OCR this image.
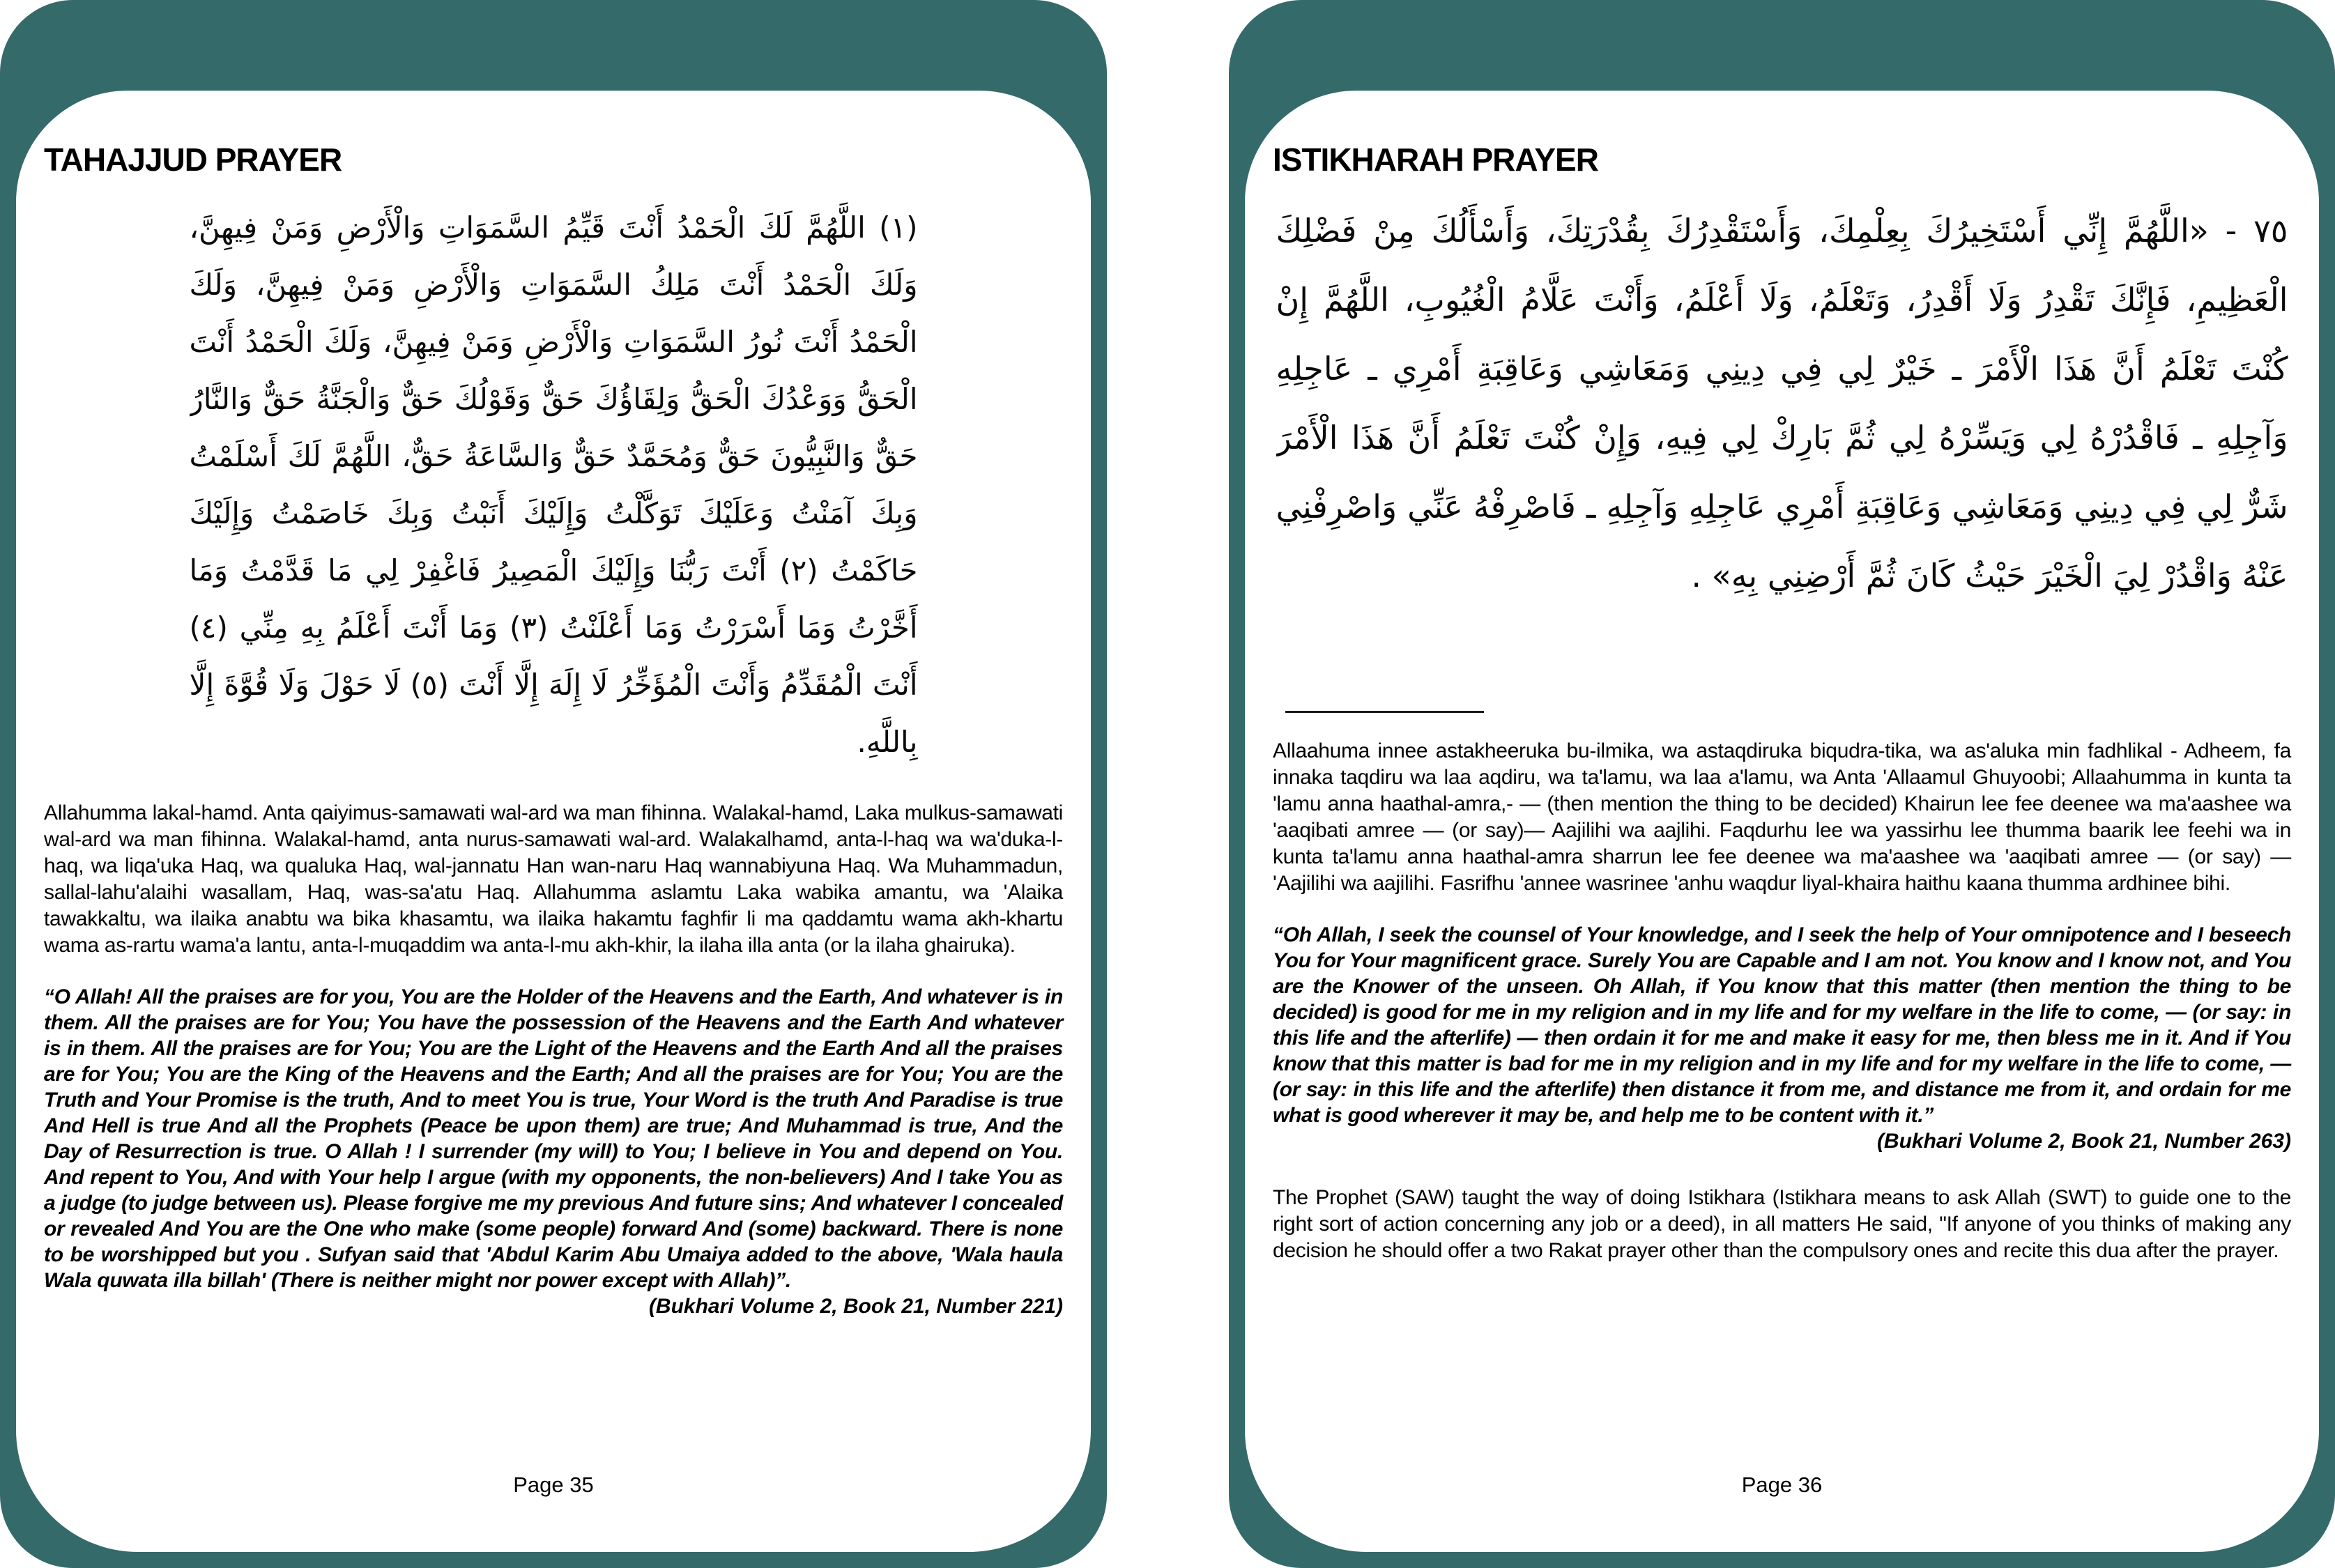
TAHAJJUD PRAYER
(١) اللَّهُمَّ لَكَ الْحَمْدُ أَنْتَ قَيِّمُ السَّمَوَاتِ وَالْأَرْضِ وَمَنْ فِيهِنَّ، وَلَكَ الْحَمْدُ أَنْتَ مَلِكُ السَّمَوَاتِ وَالْأَرْضِ وَمَنْ فِيهِنَّ، وَلَكَ الْحَمْدُ أَنْتَ نُورُ السَّمَوَاتِ وَالْأَرْضِ وَمَنْ فِيهِنَّ، وَلَكَ الْحَمْدُ أَنْتَ الْحَقُّ وَوَعْدُكَ الْحَقُّ وَلِقَاؤُكَ حَقٌّ وَقَوْلُكَ حَقٌّ وَالْجَنَّةُ حَقٌّ وَالنَّارُ حَقٌّ وَالنَّبِيُّونَ حَقٌّ وَمُحَمَّدٌ حَقٌّ وَالسَّاعَةُ حَقٌّ، اللَّهُمَّ لَكَ أَسْلَمْتُ وَبِكَ آمَنْتُ وَعَلَيْكَ تَوَكَّلْتُ وَإِلَيْكَ أَنَبْتُ وَبِكَ خَاصَمْتُ وَإِلَيْكَ حَاكَمْتُ (٢) أَنْتَ رَبُّنَا وَإِلَيْكَ الْمَصِيرُ فَاغْفِرْ لِي مَا قَدَّمْتُ وَمَا أَخَّرْتُ وَمَا أَسْرَرْتُ وَمَا أَعْلَنْتُ (٣) وَمَا أَنْتَ أَعْلَمُ بِهِ مِنِّي (٤) أَنْتَ الْمُقَدِّمُ وَأَنْتَ الْمُؤَخِّرُ لَا إِلَهَ إِلَّا أَنْتَ (٥) لَا حَوْلَ وَلَا قُوَّةَ إِلَّا بِاللَّهِ.

Allahumma lakal-hamd. Anta qaiyimus-samawati wal-ard wa man fihinna. Walakal-hamd, Laka mulkus-samawati wal-ard wa man fihinna. Walakal-hamd, anta nurus-samawati wal-ard. Walakalhamd, anta-l-haq wa wa'duka-l-haq, wa liqa'uka Haq, wa qualuka Haq, wal-jannatu Han wan-naru Haq wannabiyuna Haq. Wa Muhammadun, sallal-lahu'alaihi wasallam, Haq, was-sa'atu Haq. Allahumma aslamtu Laka wabika amantu, wa 'Alaika tawakkaltu, wa ilaika anabtu wa bika khasamtu, wa ilaika hakamtu faghfir li ma qaddamtu wama akh-khartu wama as-rartu wama'a lantu, anta-l-muqaddim wa anta-l-mu akh-khir, la ilaha illa anta (or la ilaha ghairuka).

“O Allah! All the praises are for you, You are the Holder of the Heavens and the Earth, And whatever is in them. All the praises are for You; You have the possession of the Heavens and the Earth And whatever is in them. All the praises are for You; You are the Light of the Heavens and the Earth And all the praises are for You; You are the King of the Heavens and the Earth; And all the praises are for You; You are the Truth and Your Promise is the truth, And to meet You is true, Your Word is the truth And Paradise is true And Hell is true And all the Prophets (Peace be upon them) are true; And Muhammad is true, And the Day of Resurrection is true. O Allah ! I surrender (my will) to You; I believe in You and depend on You. And repent to You, And with Your help I argue (with my opponents, the non-believers) And I take You as a judge (to judge between us). Please forgive me my previous And future sins; And whatever I concealed or revealed And You are the One who make (some people) forward And (some) backward. There is none to be worshipped but you . Sufyan said that 'Abdul Karim Abu Umaiya added to the above, 'Wala haula Wala quwata illa billah' (There is neither might nor power except with Allah)”.

(Bukhari Volume 2, Book 21, Number 221)
Page 35
ISTIKHARAH PRAYER
٧٥ - «اللَّهُمَّ إِنِّي أَسْتَخِيرُكَ بِعِلْمِكَ، وَأَسْتَقْدِرُكَ بِقُدْرَتِكَ، وَأَسْأَلُكَ مِنْ فَضْلِكَ الْعَظِيمِ، فَإِنَّكَ تَقْدِرُ وَلَا أَقْدِرُ، وَتَعْلَمُ، وَلَا أَعْلَمُ، وَأَنْتَ عَلَّامُ الْغُيُوبِ، اللَّهُمَّ إِنْ كُنْتَ تَعْلَمُ أَنَّ هَذَا الْأَمْرَ ـ خَيْرٌ لِي فِي دِينِي وَمَعَاشِي وَعَاقِبَةِ أَمْرِي ـ عَاجِلِهِ وَآجِلِهِ ـ فَاقْدُرْهُ لِي وَيَسِّرْهُ لِي ثُمَّ بَارِكْ لِي فِيهِ، وَإِنْ كُنْتَ تَعْلَمُ أَنَّ هَذَا الْأَمْرَ شَرٌّ لِي فِي دِينِي وَمَعَاشِي وَعَاقِبَةِ أَمْرِي عَاجِلِهِ وَآجِلِهِ ـ فَاصْرِفْهُ عَنِّي وَاصْرِفْنِي عَنْهُ وَاقْدُرْ لِيَ الْخَيْرَ حَيْثُ كَانَ ثُمَّ أَرْضِنِي بِهِ» .

Allaahuma innee astakheeruka bu-ilmika, wa astaqdiruka biqudra-tika, wa as'aluka min fadhlikal - Adheem, fa innaka taqdiru wa laa aqdiru, wa ta'lamu, wa laa a'lamu, wa Anta 'Allaamul Ghuyoobi; Allaahumma in kunta ta 'lamu anna haathal-amra,- — (then mention the thing to be decided) Khairun lee fee deenee wa ma'aashee wa 'aaqibati amree — (or say)— Aajilihi wa aajlihi. Faqdurhu lee wa yassirhu lee thumma baarik lee feehi wa in kunta ta'lamu anna haathal-amra sharrun lee fee deenee wa ma'aashee wa 'aaqibati amree — (or say) — 'Aajilihi wa aajilihi. Fasrifhu 'annee wasrinee 'anhu waqdur liyal-khaira haithu kaana thumma ardhinee bihi.

“Oh Allah, I seek the counsel of Your knowledge, and I seek the help of Your omnipotence and I beseech You for Your magnificent grace. Surely You are Capable and I am not. You know and I know not, and You are the Knower of the unseen. Oh Allah, if You know that this matter (then mention the thing to be decided) is good for me in my religion and in my life and for my welfare in the life to come, — (or say: in this life and the afterlife) — then ordain it for me and make it easy for me, then bless me in it. And if You know that this matter is bad for me in my religion and in my life and for my welfare in the life to come, — (or say: in this life and the afterlife) then distance it from me, and distance me from it, and ordain for me what is good wherever it may be, and help me to be content with it.”

(Bukhari Volume 2, Book 21, Number 263)

The Prophet (SAW) taught the way of doing Istikhara (Istikhara means to ask Allah (SWT) to guide one to the right sort of action concerning any job or a deed), in all matters He said, "If anyone of you thinks of making any decision he should offer a two Rakat prayer other than the compulsory ones and recite this dua after the prayer.

Page 36
